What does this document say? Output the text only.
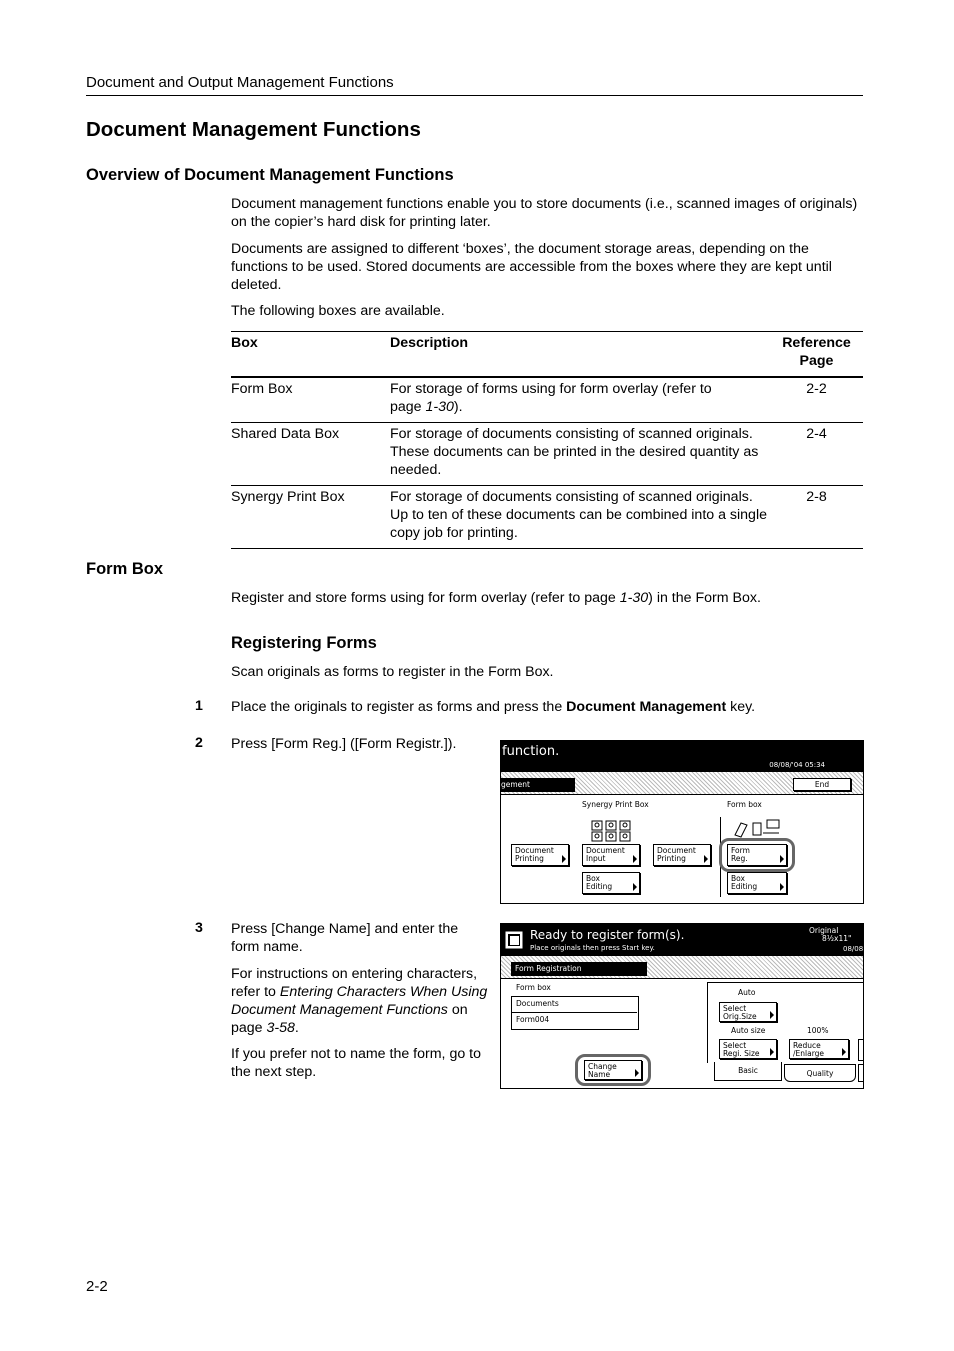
Document and Output Management Functions
Document Management Functions
Overview of Document Management Functions
Document management functions enable you to store documents (i.e., scanned images of originals)
on the copier’s hard disk for printing later.
Documents are assigned to different ‘boxes’, the document storage areas, depending on the
functions to be used. Stored documents are accessible from the boxes where they are kept until
deleted.
The following boxes are available.
Box	Description	Reference
Page

Form Box	For storage of forms using for form overlay (refer to
page 1-30).	2-2
Shared Data Box	For storage of documents consisting of scanned originals.
These documents can be printed in the desired quantity as
needed.	2-4
Synergy Print Box	For storage of documents consisting of scanned originals.
Up to ten of these documents can be combined into a single
copy job for printing.	2-8
Form Box
Register and store forms using for form overlay (refer to page 1-30) in the Form Box.
Registering Forms
Scan originals as forms to register in the Form Box.
1 Place the originals to register as forms and press the Document Management key.
2 Press [Form Reg.] ([Form Registr.]).
3 Press [Change Name] and enter the
form name.
For instructions on entering characters,
refer to Entering Characters When Using
Document Management Functions on
page 3-58.
If you prefer not to name the form, go to
the next step.
function.
08/08/'04 05:34
gement	End
Synergy Print Box	Form box
Document
Printing
Document
Input
Document
Printing
Form
Reg.
Box
Editing
Box
Editing
Ready to register form(s).
Place originals then press Start key.
Original
8½x11"
08/08
Form Registration
Form box
Documents
Form004
Auto
Select
Orig.Size
Auto size	100%
Select
Regi. Size
Reduce
/Enlarge
Change
Name	Basic	Quality
2-2
